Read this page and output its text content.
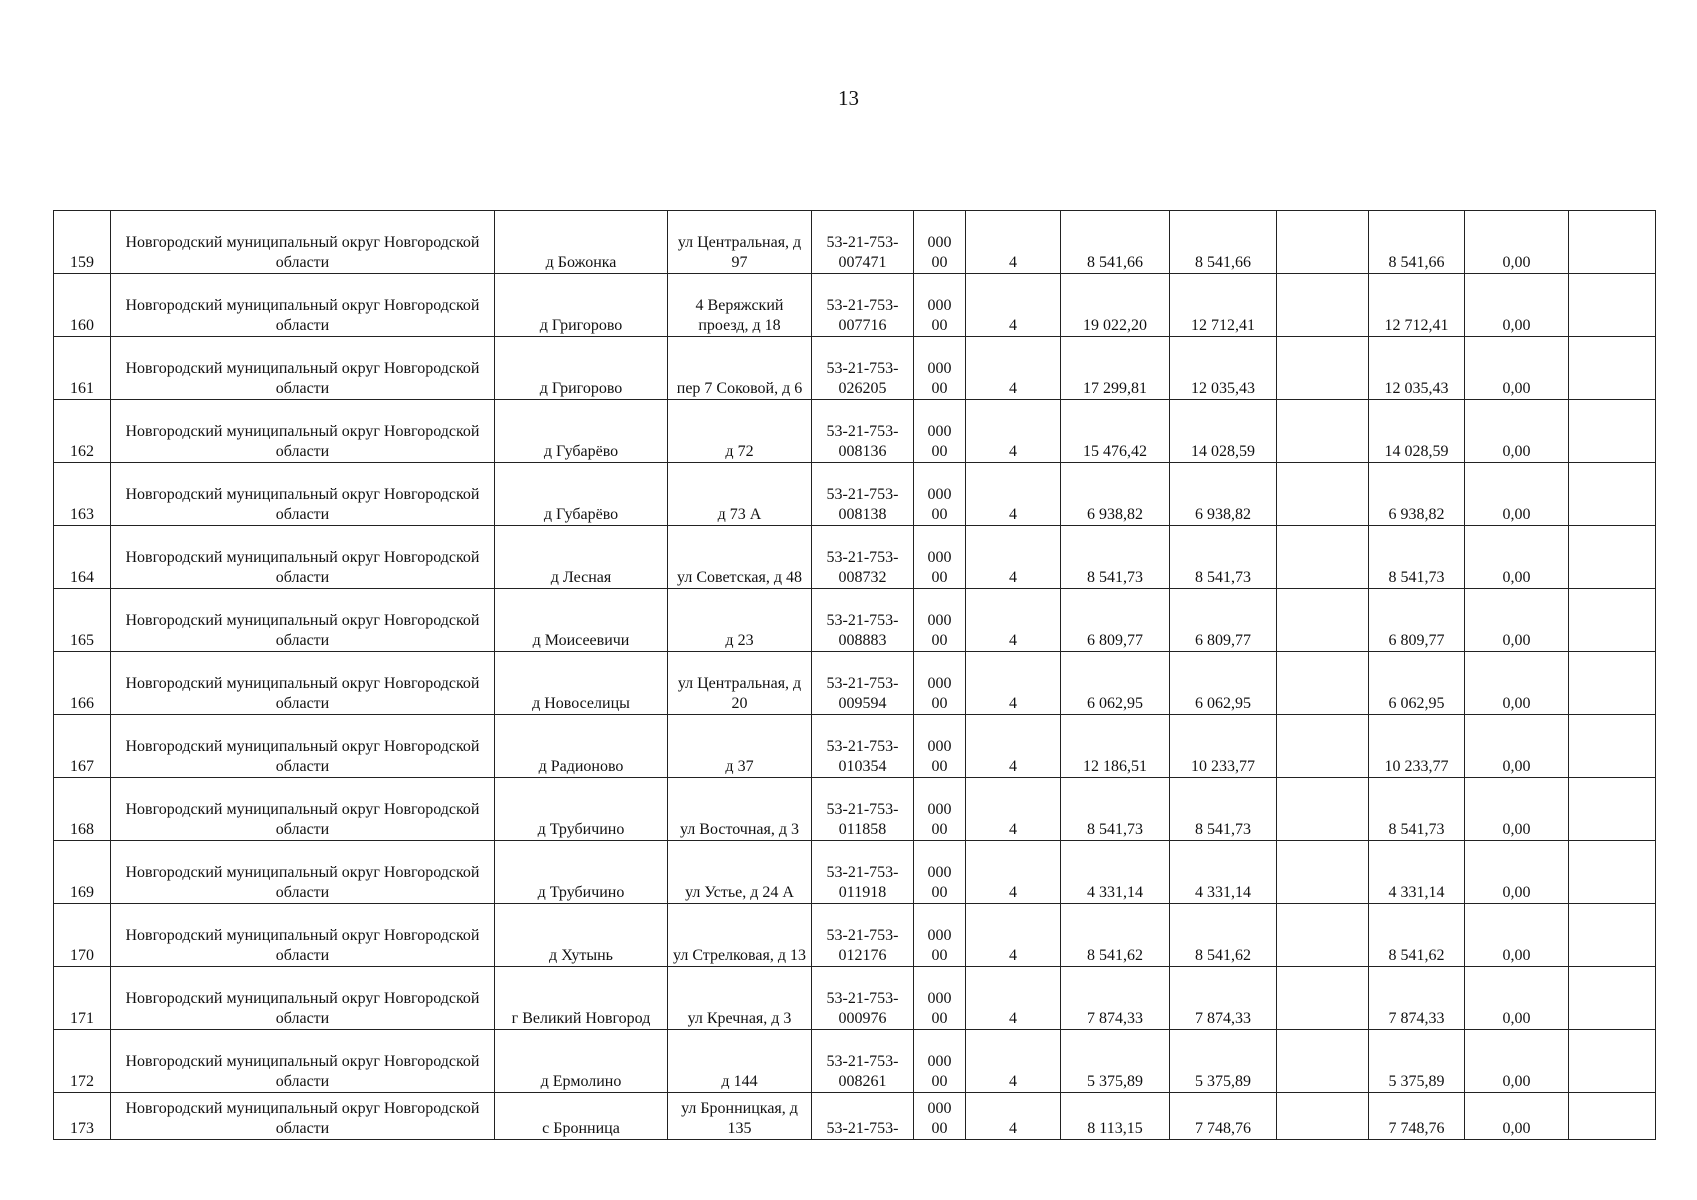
13
159	Новгородский муниципальный округ Новгородской области	д Божонка	ул Центральная, д 97	53-21-753-007471	000 00	4	8 541,66	8 541,66		8 541,66	0,00	
160	Новгородский муниципальный округ Новгородской области	д Григорово	4 Веряжский проезд, д 18	53-21-753-007716	000 00	4	19 022,20	12 712,41		12 712,41	0,00	
161	Новгородский муниципальный округ Новгородской области	д Григорово	пер 7 Соковой, д 6	53-21-753-026205	000 00	4	17 299,81	12 035,43		12 035,43	0,00	
162	Новгородский муниципальный округ Новгородской области	д Губарёво	д 72	53-21-753-008136	000 00	4	15 476,42	14 028,59		14 028,59	0,00	
163	Новгородский муниципальный округ Новгородской области	д Губарёво	д 73 А	53-21-753-008138	000 00	4	6 938,82	6 938,82		6 938,82	0,00	
164	Новгородский муниципальный округ Новгородской области	д Лесная	ул Советская, д 48	53-21-753-008732	000 00	4	8 541,73	8 541,73		8 541,73	0,00	
165	Новгородский муниципальный округ Новгородской области	д Моисеевичи	д 23	53-21-753-008883	000 00	4	6 809,77	6 809,77		6 809,77	0,00	
166	Новгородский муниципальный округ Новгородской области	д Новоселицы	ул Центральная, д 20	53-21-753-009594	000 00	4	6 062,95	6 062,95		6 062,95	0,00	
167	Новгородский муниципальный округ Новгородской области	д Радионово	д 37	53-21-753-010354	000 00	4	12 186,51	10 233,77		10 233,77	0,00	
168	Новгородский муниципальный округ Новгородской области	д Трубичино	ул Восточная, д 3	53-21-753-011858	000 00	4	8 541,73	8 541,73		8 541,73	0,00	
169	Новгородский муниципальный округ Новгородской области	д Трубичино	ул Устье, д 24 А	53-21-753-011918	000 00	4	4 331,14	4 331,14		4 331,14	0,00	
170	Новгородский муниципальный округ Новгородской области	д Хутынь	ул Стрелковая, д 13	53-21-753-012176	000 00	4	8 541,62	8 541,62		8 541,62	0,00	
171	Новгородский муниципальный округ Новгородской области	г Великий Новгород	ул Кречная, д 3	53-21-753-000976	000 00	4	7 874,33	7 874,33		7 874,33	0,00	
172	Новгородский муниципальный округ Новгородской области	д Ермолино	д 144	53-21-753-008261	000 00	4	5 375,89	5 375,89		5 375,89	0,00	
173	Новгородский муниципальный округ Новгородской области	с Бронница	ул Бронницкая, д 135	53-21-753-	000 00	4	8 113,15	7 748,76		7 748,76	0,00	
